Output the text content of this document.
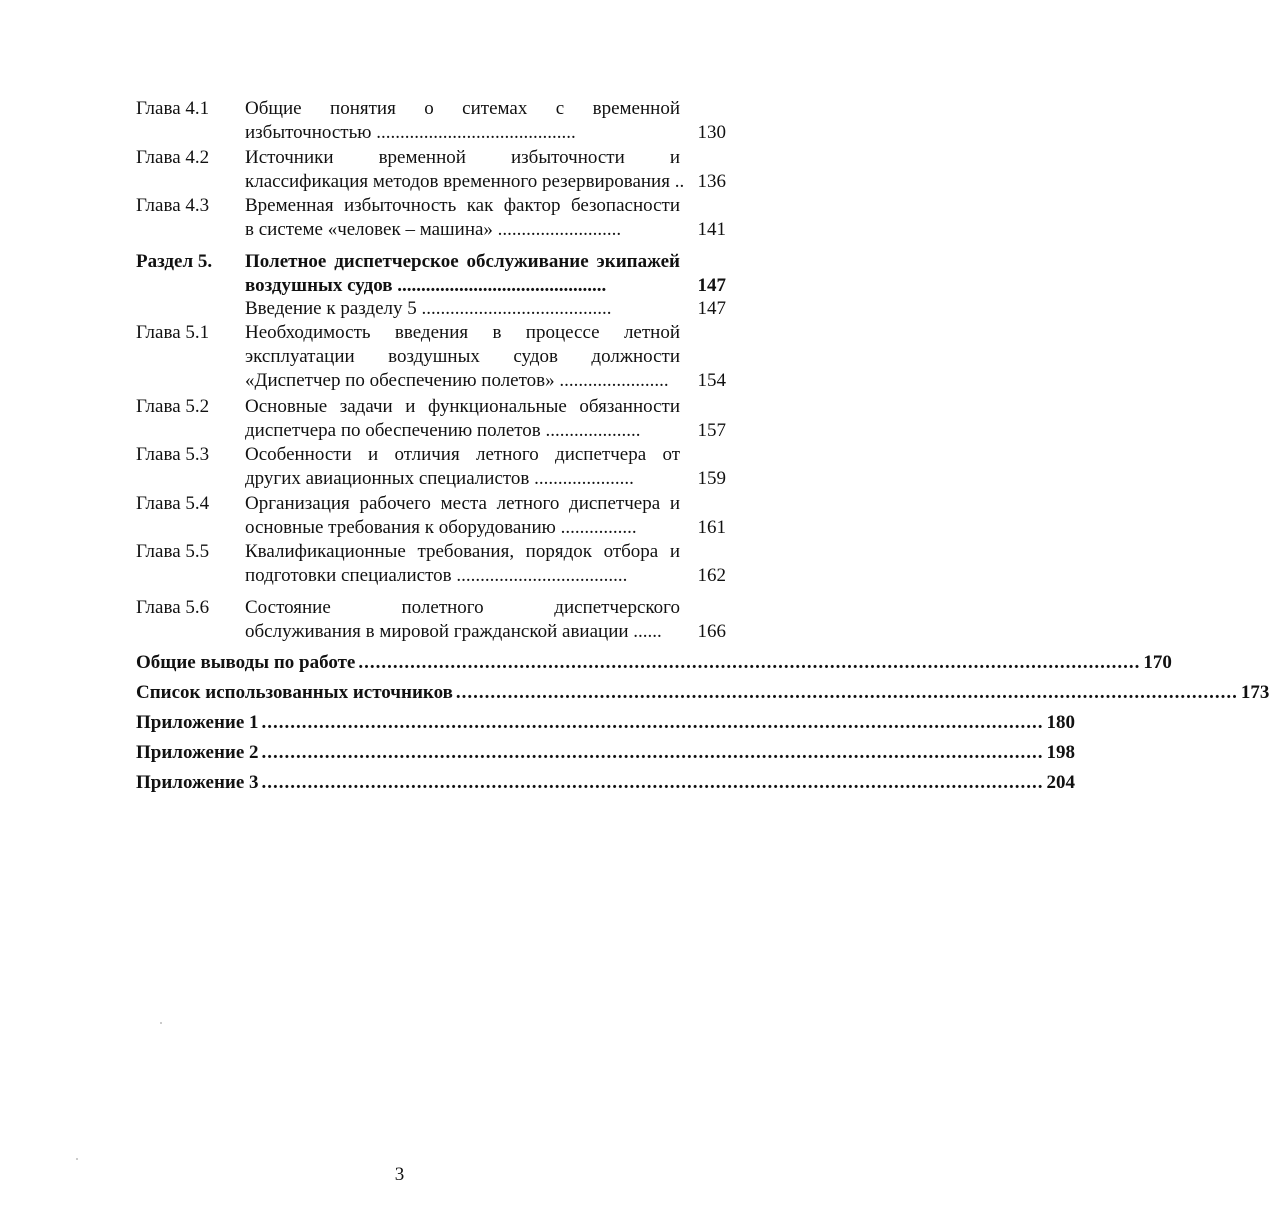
Глава 4.1 Общие понятия о ситемах с временной
избыточностью ..........................................	130
Глава 4.2 Источники временной избыточности и
классификация методов временного резервирования .. 136
Глава 4.3 Временная избыточность как фактор безопасности
в системе «человек – машина» ..........................	141
Раздел 5. Полетное диспетчерское обслуживание экипажей
воздушных судов ............................................	147
Введение к разделу 5 ........................................	147
Глава 5.1 Необходимость введения в процессе летной
эксплуатации воздушных судов должности
«Диспетчер по обеспечению полетов» .......................	154
Глава 5.2 Основные задачи и функциональные обязанности
диспетчера по обеспечению полетов ....................	157
Глава 5.3 Особенности и отличия летного диспетчера от
других авиационных специалистов .....................	159
Глава 5.4 Организация рабочего места летного диспетчера и
основные требования к оборудованию ................	161
Глава 5.5 Квалификационные требования, порядок отбора и
подготовки специалистов ....................................	162
Глава 5.6 Состояние полетного диспетчерского
обслуживания в мировой гражданской авиации ......	166
Общие выводы по работе ........................................................................................................................................ 170
Список использованных источников ........................................................................................................................................ 173
Приложение 1 ........................................................................................................................................ 180
Приложение 2 ........................................................................................................................................ 198
Приложение 3 ........................................................................................................................................ 204
3
